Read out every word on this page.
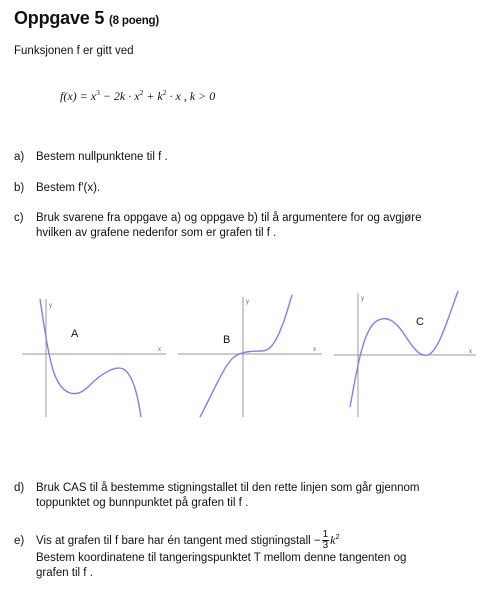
Oppgave 5 (8 poeng)
Funksjonen f er gitt ved
$f(x) = x^3 - 2k \cdot x^2 + k^2 \cdot x$ , k > 0
a) Bestem nullpunktene til f .
b) Bestem f′(x).
c) Bruk svarene fra oppgave a) og oppgave b) til å argumentere for og avgjøre
hvilken av grafene nedenfor som er grafen til f .
y
x
A
y
x
B
y
x
C
d) Bruk CAS til å bestemme stigningstallet til den rette linjen som går gjennom
toppunktet og bunnpunktet på grafen til f .
e) Vis at grafen til f bare har én tangent med stigningstall − $\frac{1}{3} k^2$
Bestem koordinatene til tangeringspunktet T mellom denne tangenten og
grafen til f .
